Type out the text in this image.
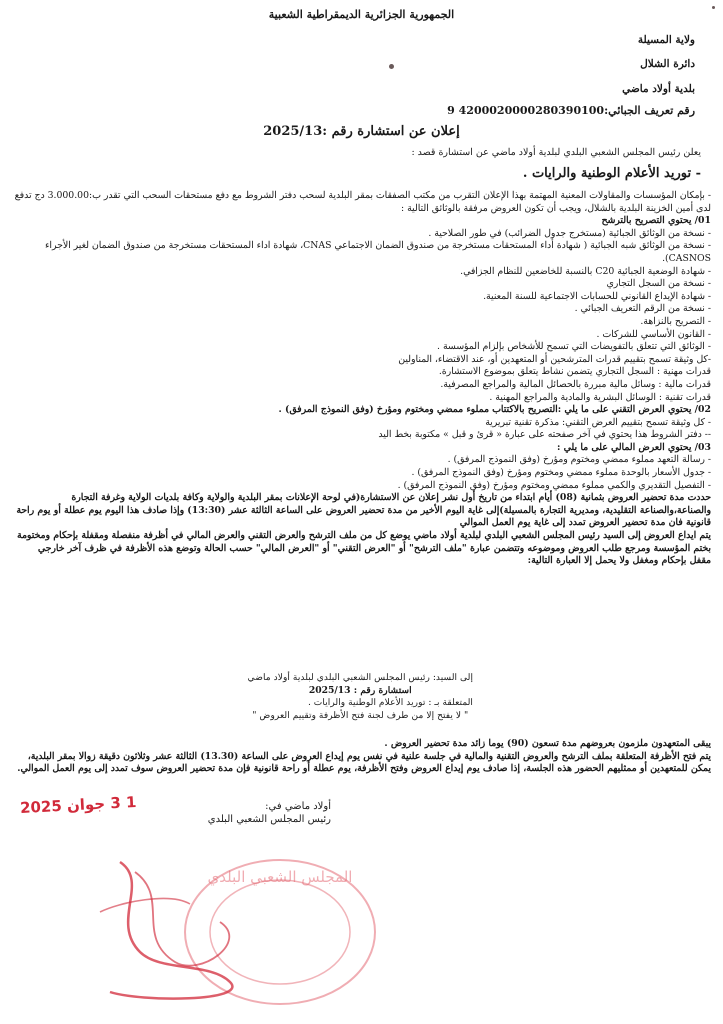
الجمهورية الجزائرية الديمقراطية الشعبية
ولاية المسيلة
دائرة الشلال
بلدية أولاد ماضي
رقم تعريف الجبائي:4200020000280390100 9
إعلان عن استشارة رقم :2025/13
يعلن رئيس المجلس الشعبي البلدي لبلدية أولاد ماضي عن استشارة قصد :
- توريد الأعلام الوطنية والرايات .

- بإمكان المؤسسات والمقاولات المعنية المهتمة بهذا الإعلان التقرب من مكتب الصفقات بمقر البلدية لسحب دفتر الشروط مع دفع مستحقات السحب التي تقدر ب:3.000.00 دج تدفع لدى أمين الخزينة البلدية بالشلال، ويجب أن تكون العروض مرفقة بالوثائق التالية :

01/ يحتوي التصريح بالترشح

- نسخة من الوثائق الجبائية (مستخرج جدول الضرائب) في طور الصلاحية .

- نسخة من الوثائق شبه الجبائية ( شهادة أداء المستحقات مستخرجة من صندوق الضمان الاجتماعي CNAS، شهادة اداء المستحقات مستخرجة من صندوق الضمان لغير الأجراء CASNOS).

- شهادة الوضعية الجبائية C20 بالنسبة للخاضعين للنظام الجزافي.

- نسخة من السجل التجاري

- شهادة الإيداع القانوني للحسابات الاجتماعية للسنة المعنية.

- نسخة من الرقم التعريف الجبائي .

- التصريح بالنزاهة.

- القانون الأساسي للشركات .

- الوثائق التي تتعلق بالتفويضات التي تسمح للأشخاص بإلزام المؤسسة .

-كل وثيقة تسمح بتقييم قدرات المترشحين أو المتعهدين أو، عند الاقتضاء، المناولين

قدرات مهنية : السجل التجاري يتضمن نشاط يتعلق بموضوع الاستشارة.

قدرات مالية : وسائل مالية مبررة بالحصائل المالية والمراجع المصرفية.

قدرات تقنية : الوسائل البشرية والمادية والمراجع المهنية .

02/ يحتوي العرض التقني على ما يلي :التصريح بالاكتتاب مملوء ممضي ومختوم ومؤرخ (وفق النموذج المرفق) .

- كل وثيقة تسمح بتقييم العرض التقني: مذكرة تقنية تبريرية

-- دفتر الشروط هذا يحتوي في آخر صفحته على عبارة « قرئ و قبل » مكتوبة بخط اليد

03/ يحتوي العرض المالي على ما يلي :

- رسالة التعهد مملوء ممضي ومختوم ومؤرخ (وفق النموذج المرفق) .

- جدول الأسعار بالوحدة مملوء ممضي ومختوم ومؤرخ (وفق النموذج المرفق) .

- التفصيل التقديري والكمي مملوء ممضي ومختوم ومؤرخ (وفق النموذج المرفق) .

حددت مدة تحضير العروض بثمانية (08) أيام ابتداء من تاريخ أول نشر إعلان عن الاستشارة(في لوحة الإعلانات بمقر البلدية والولاية وكافة بلديات الولاية وغرفة التجارة والصناعة،والصناعة التقليدية، ومديرية التجارة بالمسيلة)إلى غاية اليوم الأخير من مدة تحضير العروض على الساعة الثالثة عشر (13:30) وإذا صادف هذا اليوم يوم عطلة أو يوم راحة قانونية فان مدة تحضير العروض تمدد إلى غاية يوم العمل الموالي

يتم ايداع العروض إلى السيد رئيس المجلس الشعبي البلدي لبلدية أولاد ماضي يوضع كل من ملف الترشح والعرض التقني والعرض المالي في أظرفة منفصلة ومقفلة بإحكام ومختومة بختم المؤسسة ومرجع طلب العروض وموضوعه وتتضمن عبارة "ملف الترشح" أو "العرض التقني" أو "العرض المالي" حسب الحالة وتوضع هذه الأظرفة في ظرف آخر خارجي مقفل بإحكام ومغفل ولا يحمل إلا العبارة التالية:

إلى السيد: رئيس المجلس الشعبي البلدي لبلدية أولاد ماضي

استشارة رقم : 2025/13

المتعلقة بـ : توريد الأعلام الوطنية والرايات .

" لا يفتح إلا من طرف لجنة فتح الأظرفة وتقييم العروض "

يبقى المتعهدون ملزمون بعروضهم مدة تسعون (90) يوما زائد مدة تحضير العروض .

يتم فتح الأظرفة المتعلقة بملف الترشح والعروض التقنية والمالية في جلسة علنية في نفس يوم إيداع العروض على الساعة (13.30) الثالثة عشر وثلاثون دقيقة زوالا بمقر البلدية، يمكن للمتعهدين أو ممثليهم الحضور هذه الجلسة، إذا صادف يوم إيداع العروض وفتح الأظرفة، يوم عطلة أو راحة قانونية فإن مدة تحضير العروض سوف تمدد إلى يوم العمل الموالي.

أولاد ماضي في:
رئيس المجلس الشعبي البلدي
1 3 جوان 2025
المجلس الشعبي البلدي
